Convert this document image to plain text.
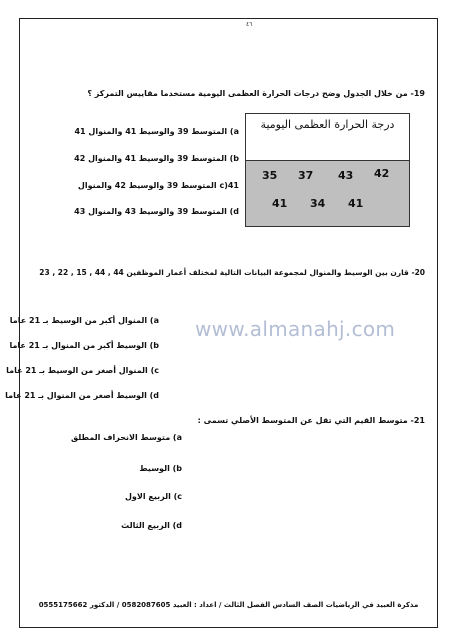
٤٦
19- من خلال الجدول وضح درجات الحرارة العظمى اليومية مستخدما مقاييس التمركز ؟
a) المتوسط 39 والوسيط 41 والمنوال 41
b) المتوسط 39 والوسيط 41 والمنوال 42
c)41 المتوسط 39 والوسيط 42 والمنوال
d) المتوسط 39 والوسيط 43 والمنوال 43
درجة الحرارة العظمى اليومية
35 37 43 42
41 34 41
20- قارن بين الوسيط والمنوال لمجموعة البيانات التالية لمختلف أعمار الموظفين 44 , 44 , 15 , 22 , 23
a) المنوال أكبر من الوسيط بـ 21 عاما
b) الوسيط أكبر من المنوال بـ 21 عاما
c) المنوال أصغر من الوسيط بـ 21 عاما
d) الوسيط أصغر من المنوال بـ 21 عاما
www.almanahj.com
21- متوسط القيم التي تقل عن المتوسط الأصلي تسمى :
a) متوسط الانحراف المطلق
b) الوسيط
c) الربيع الاول
d) الربيع الثالث
مذكرة العبيد في الرياضيات الصف السادس الفصل الثالث / اعداد : العبيد 0582087605 / الدكتور 0555175662
